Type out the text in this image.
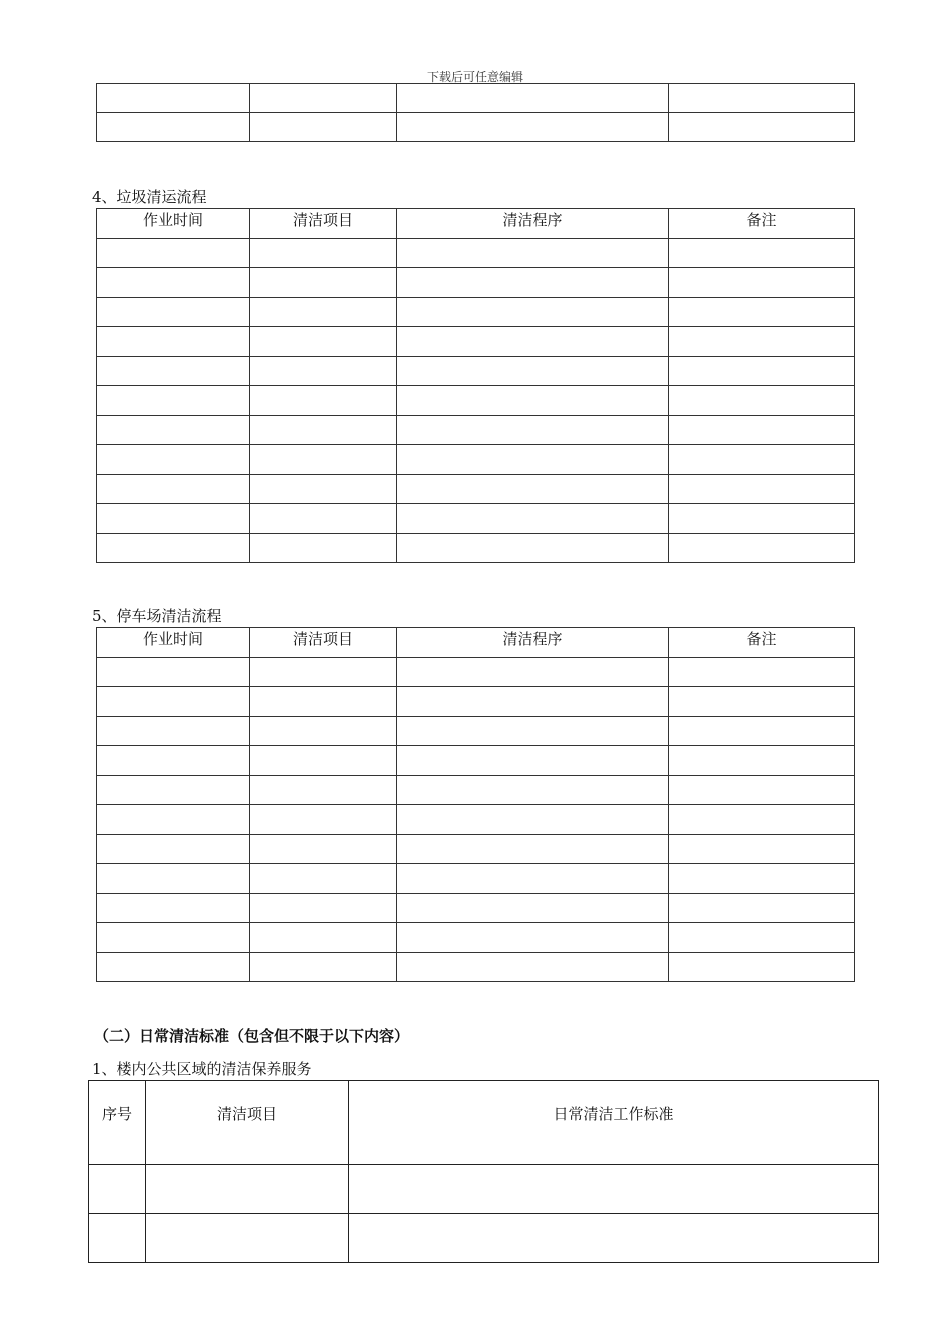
下载后可任意编辑

4、垃圾清运流程
作业时间	清洁项目	清洁程序	备注

5、停车场清洁流程
作业时间	清洁项目	清洁程序	备注

（二）日常清洁标准（包含但不限于以下内容）
1、楼内公共区域的清洁保养服务
序号	清洁项目	日常清洁工作标准
